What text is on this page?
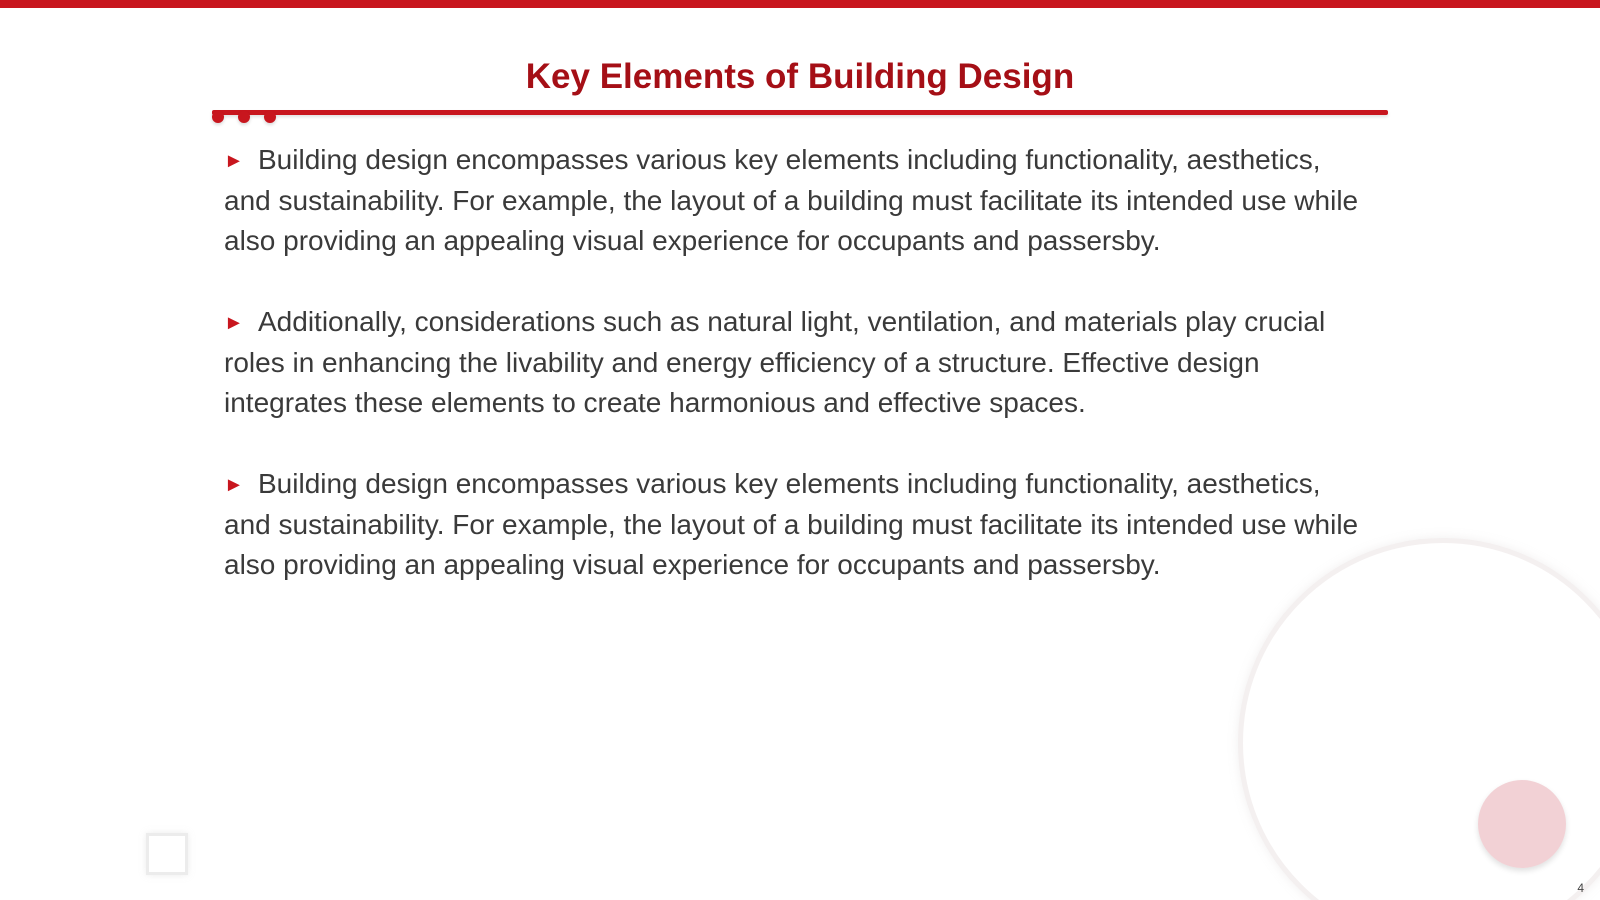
Key Elements of Building Design

► Building design encompasses various key elements including functionality, aesthetics, and sustainability. For example, the layout of a building must facilitate its intended use while also providing an appealing visual experience for occupants and passersby.

► Additionally, considerations such as natural light, ventilation, and materials play crucial roles in enhancing the livability and energy efficiency of a structure. Effective design integrates these elements to create harmonious and effective spaces.

► Building design encompasses various key elements including functionality, aesthetics, and sustainability. For example, the layout of a building must facilitate its intended use while also providing an appealing visual experience for occupants and passersby.

4
